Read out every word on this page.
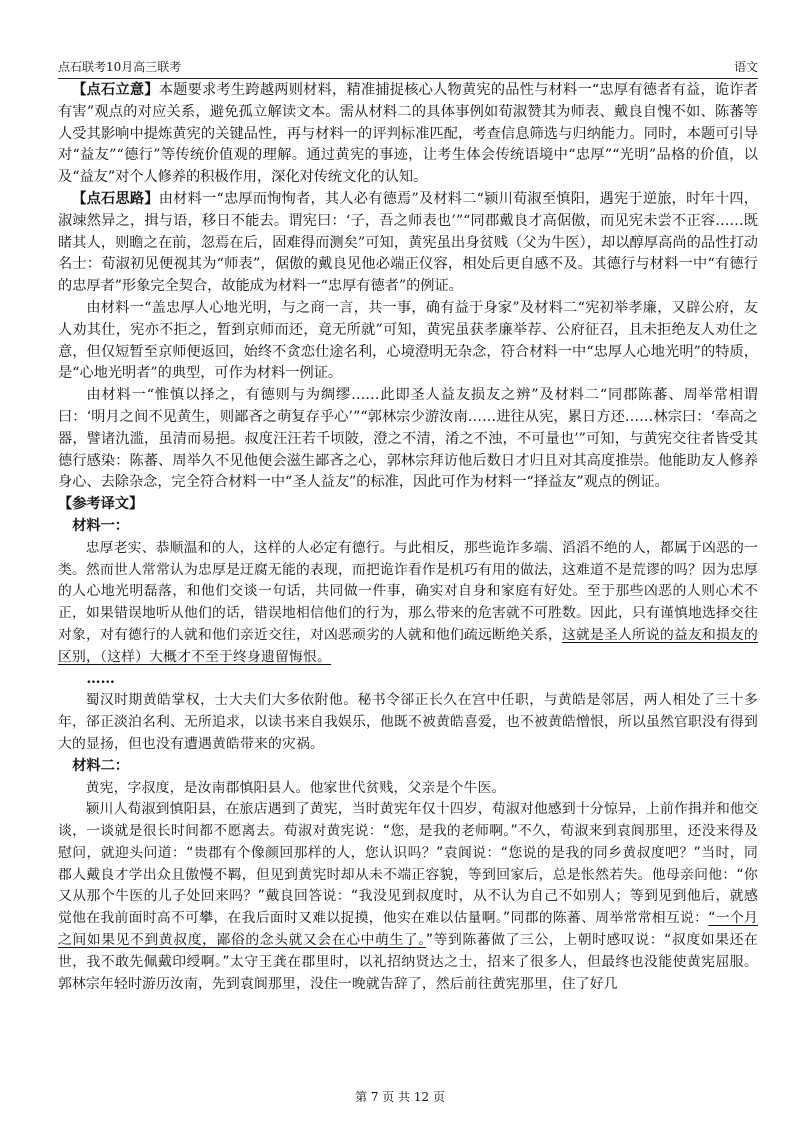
点石联考10月高三联考	语文

【点石立意】本题要求考生跨越两则材料，精准捕捉核心人物黄宪的品性与材料一“忠厚有德者有益，诡诈者有害”观点的对应关系，避免孤立解读文本。需从材料二的具体事例如荀淑赞其为师表、戴良自愧不如、陈蕃等人受其影响中提炼黄宪的关键品性，再与材料一的评判标准匹配，考查信息筛选与归纳能力。同时，本题可引导对“益友”“德行”等传统价值观的理解。通过黄宪的事迹，让考生体会传统语境中“忠厚”“光明”品格的价值，以及“益友”对个人修养的积极作用，深化对传统文化的认知。

【点石思路】由材料一“忠厚而恂恂者，其人必有德焉”及材料二“颍川荀淑至慎阳，遇宪于逆旅，时年十四，淑竦然异之，揖与语，移日不能去。谓宪曰：‘子，吾之师表也’”“同郡戴良才高倨傲，而见宪未尝不正容……既睹其人，则瞻之在前，忽焉在后，固难得而测矣”可知，黄宪虽出身贫贱（父为牛医），却以醇厚高尚的品性打动名士：荀淑初见便视其为“师表”，倨傲的戴良见他必端正仪容，相处后更自感不及。其德行与材料一中“有德行的忠厚者”形象完全契合，故能成为材料一“忠厚有德者”的例证。

由材料一“盖忠厚人心地光明，与之商一言，共一事，确有益于身家”及材料二“宪初举孝廉，又辟公府，友人劝其仕，宪亦不拒之，暂到京师而还，竟无所就”可知，黄宪虽获孝廉举荐、公府征召，且未拒绝友人劝仕之意，但仅短暂至京师便返回，始终不贪恋仕途名利，心境澄明无杂念，符合材料一中“忠厚人心地光明”的特质，是“心地光明者”的典型，可作为材料一例证。

由材料一“惟慎以择之，有德则与为绸缪……此即圣人益友损友之辨”及材料二“同郡陈蕃、周举常相谓曰：‘明月之间不见黄生，则鄙吝之萌复存乎心’”“郭林宗少游汝南……进往从宪，累日方还……林宗曰：‘奉高之器，譬诸氿滥，虽清而易挹。叔度汪汪若千顷陂，澄之不清，淆之不浊，不可量也’”可知，与黄宪交往者皆受其德行感染：陈蕃、周举久不见他便会滋生鄙吝之心，郭林宗拜访他后数日才归且对其高度推崇。他能助友人修养身心、去除杂念，完全符合材料一中“圣人益友”的标准，因此可作为材料一“择益友”观点的例证。

【参考译文】

材料一：

忠厚老实、恭顺温和的人，这样的人必定有德行。与此相反，那些诡诈多端、滔滔不绝的人，都属于凶恶的一类。然而世人常常认为忠厚是迂腐无能的表现，而把诡诈看作是机巧有用的做法，这难道不是荒谬的吗？因为忠厚的人心地光明磊落，和他们交谈一句话，共同做一件事，确实对自身和家庭有好处。至于那些凶恶的人则心术不正，如果错误地听从他们的话，错误地相信他们的行为，那么带来的危害就不可胜数。因此，只有谨慎地选择交往对象，对有德行的人就和他们亲近交往，对凶恶顽劣的人就和他们疏远断绝关系，这就是圣人所说的益友和损友的区别，（这样）大概才不至于终身遗留悔恨。

……

蜀汉时期黄皓掌权，士大夫们大多依附他。秘书令郤正长久在宫中任职，与黄皓是邻居，两人相处了三十多年，郤正淡泊名利、无所追求，以读书来自我娱乐，他既不被黄皓喜爱，也不被黄皓憎恨，所以虽然官职没有得到大的显扬，但也没有遭遇黄皓带来的灾祸。

材料二：

黄宪，字叔度，是汝南郡慎阳县人。他家世代贫贱，父亲是个牛医。

颍川人荀淑到慎阳县，在旅店遇到了黄宪，当时黄宪年仅十四岁，荀淑对他感到十分惊异，上前作揖并和他交谈，一谈就是很长时间都不愿离去。荀淑对黄宪说：“您，是我的老师啊。”不久，荀淑来到袁阆那里，还没来得及慰问，就迎头问道：“贵郡有个像颜回那样的人，您认识吗？”袁阆说：“您说的是我的同乡黄叔度吧？”当时，同郡人戴良才学出众且傲慢不羁，但见到黄宪时却从未不端正容貌，等到回家后，总是怅然若失。他母亲问他：“你又从那个牛医的儿子处回来吗？”戴良回答说：“我没见到叔度时，从不认为自己不如别人；等到见到他后，就感觉他在我前面时高不可攀，在我后面时又难以捉摸，他实在难以估量啊。”同郡的陈蕃、周举常常相互说：“一个月之间如果见不到黄叔度，鄙俗的念头就又会在心中萌生了。”等到陈蕃做了三公，上朝时感叹说：“叔度如果还在世，我不敢先佩戴印绶啊。”太守王龚在郡里时，以礼招纳贤达之士，招来了很多人，但最终也没能使黄宪屈服。郭林宗年轻时游历汝南，先到袁阆那里，没住一晚就告辞了，然后前往黄宪那里，住了好几

第 7 页 共 12 页
